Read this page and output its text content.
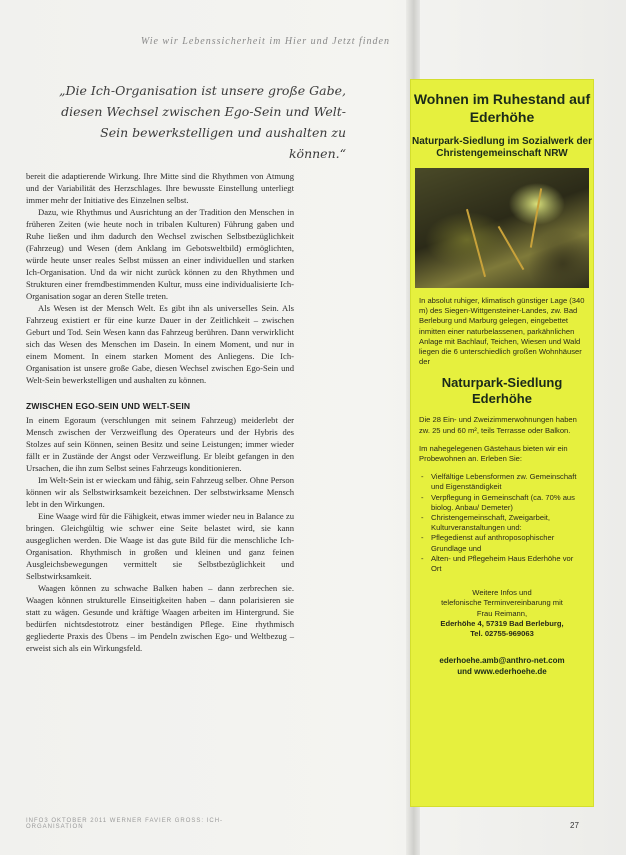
Wie wir Lebenssicherheit im Hier und Jetzt finden
„Die Ich-Organisation ist unsere große Gabe, diesen Wechsel zwischen Ego-Sein und Welt-Sein bewerkstelligen und aushalten zu können.“

bereit die adaptierende Wirkung. Ihre Mitte sind die Rhythmen von Atmung und der Variabilität des Herzschlages. Ihre bewusste Einstellung unterliegt immer mehr der Initiative des Einzelnen selbst.

Dazu, wie Rhythmus und Ausrichtung an der Tradition den Menschen in früheren Zeiten (wie heute noch in tribalen Kulturen) Führung gaben und Ruhe ließen und ihm dadurch den Wechsel zwischen Selbstbezüglichkeit (Fahrzeug) und Wesen (dem Anklang im Gebotsweltbild) ermöglichten, würde heute unser reales Selbst müssen an einer individuellen und starken Ich-Organisation. Und da wir nicht zurück können zu den Rhythmen und Strukturen einer fremdbestimmenden Kultur, muss eine individualisierte Ich-Organisation sogar an deren Stelle treten.

Als Wesen ist der Mensch Welt. Es gibt ihn als universelles Sein. Als Fahrzeug existiert er für eine kurze Dauer in der Zeitlichkeit – zwischen Geburt und Tod. Sein Wesen kann das Fahrzeug berühren. Dann verwirklicht sich das Wesen des Menschen im Dasein. In einem Moment, und nur in einem Moment. In einem starken Moment des Anliegens. Die Ich-Organisation ist unsere große Gabe, diesen Wechsel zwischen Ego-Sein und Welt-Sein bewerkstelligen und aushalten zu können.

ZWISCHEN EGO-SEIN UND WELT-SEIN

In einem Egoraum (verschlungen mit seinem Fahrzeug) meiderlebt der Mensch zwischen der Verzweiflung des Operateurs und der Hybris des Stolzes auf sein Können, seinen Besitz und seine Leistungen; immer wieder fällt er in Zustände der Angst oder Verzweiflung. Er bleibt gefangen in den Ursachen, die ihn zum Selbst seines Fahrzeugs konditionieren.

Im Welt-Sein ist er wieckam und fähig, sein Fahrzeug selber. Ohne Person können wir als Selbstwirksamkeit bezeichnen. Der selbstwirksame Mensch lebt in den Wirkungen.

Eine Waage wird für die Fähigkeit, etwas immer wieder neu in Balance zu bringen. Gleichgültig wie schwer eine Seite belastet wird, sie kann ausgeglichen werden. Die Waage ist das gute Bild für die menschliche Ich-Organisation. Rhythmisch in großen und kleinen und ganz feinen Ausgleichsbewegungen vermittelt sie Selbstbezüglichkeit und Selbstwirksamkeit.

Waagen können zu schwache Balken haben – dann zerbrechen sie. Waagen können strukturelle Einseitigkeiten haben – dann polarisieren sie statt zu wägen. Gesunde und kräftige Waagen arbeiten im Hintergrund. Sie bedürfen nichtsdestotrotz einer beständigen Pflege. Eine rhythmisch gegliederte Praxis des Übens – im Pendeln zwischen Ego- und Weltbezug – erweist sich als ein Wirkungsfeld.

INFO3 OKTOBER 2011 WERNER FAVIER GROSS: ICH-ORGANISATION
Wohnen im Ruhestand auf Ederhöhe
Naturpark-Siedlung im Sozialwerk der Christengemeinschaft NRW
In absolut ruhiger, klimatisch günstiger Lage (340 m) des Siegen-Wittgensteiner-Landes, zw. Bad Berleburg und Marburg gelegen, eingebettet inmitten einer naturbelassenen, parkähnlichen Anlage mit Bachlauf, Teichen, Wiesen und Wald liegen die 6 unterschiedlich großen Wohnhäuser der
Naturpark-Siedlung Ederhöhe
Die 28 Ein- und Zweizimmerwohnungen haben zw. 25 und 60 m², teils Terrasse oder Balkon.
Im nahegelegenen Gästehaus bieten wir ein Probewohnen an. Erleben Sie:
- Vielfältige Lebensformen zw. Gemeinschaft und Eigenständigkeit
- Verpflegung in Gemeinschaft (ca. 70% aus biolog. Anbau/ Demeter)
- Christengemeinschaft, Zweigarbeit, Kulturveranstaltungen und:
- Pflegedienst auf anthroposophischer Grundlage und
- Alten- und Pflegeheim Haus Ederhöhe vor Ort
Weitere Infos und
telefonische Terminvereinbarung mit
Frau Reimann,
Ederhöhe 4, 57319 Bad Berleburg,
Tel. 02755-969063
ederhoehe.amb@anthro-net.com
und www.ederhoehe.de
27
